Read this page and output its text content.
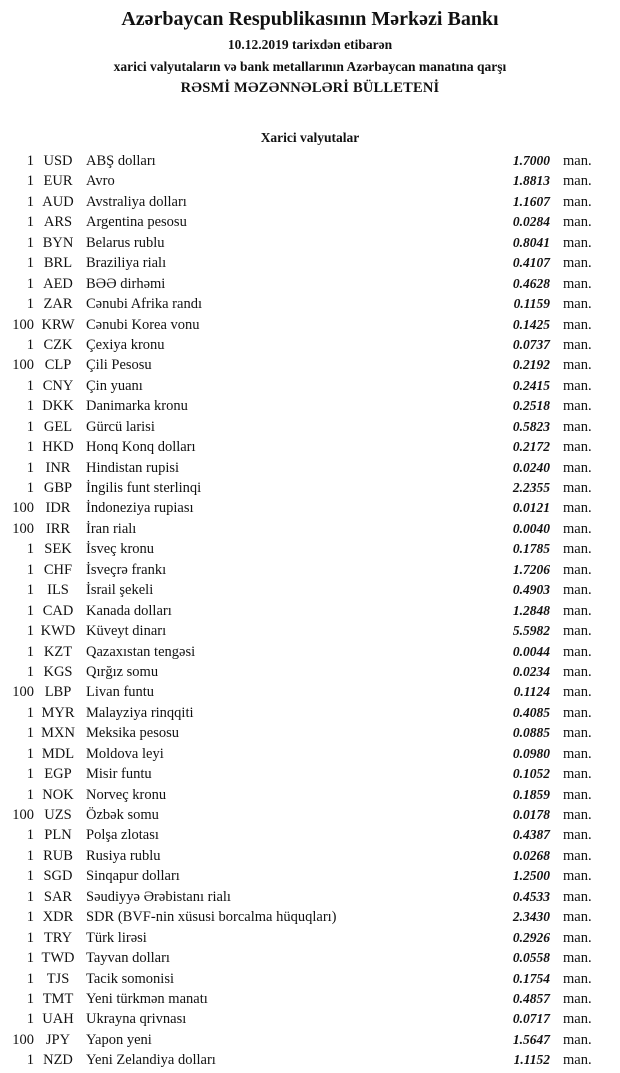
Azərbaycan Respublikasının Mərkəzi Bankı
10.12.2019 tarixdən etibarən
xarici valyutaların və bank metallarının Azərbaycan manatına qarşı
RƏSMİ MƏZƏNNƏLƏRİ BÜLLETENİ
Xarici valyutalar
1 USD ABŞ dolları	1.7000 man.
1 EUR Avro	1.8813 man.
1 AUD Avstraliya dolları	1.1607 man.
1 ARS Argentina pesosu	0.0284 man.
1 BYN Belarus rublu	0.8041 man.
1 BRL Braziliya rialı	0.4107 man.
1 AED BƏƏ dirhəmi	0.4628 man.
1 ZAR Cənubi Afrika randı	0.1159 man.
100 KRW Cənubi Korea vonu	0.1425 man.
1 CZK Çexiya kronu	0.0737 man.
100 CLP	Çili Pesosu	0.2192 man.
1 CNY Çin yuanı	0.2415 man.
1 DKK Danimarka kronu	0.2518 man.
1 GEL Gürcü larisi	0.5823 man.
1 HKD Honq Konq dolları	0.2172 man.
1 INR	Hindistan rupisi	0.0240 man.
1 GBP İngilis funt sterlinqi	2.2355 man.
100 IDR	İndoneziya rupiası	0.0121 man.
100 IRR	İran rialı	0.0040 man.
1 SEK İsveç kronu	0.1785 man.
1 CHF İsveçrə frankı	1.7206 man.
1 ILS	İsrail şekeli	0.4903 man.
1 CAD Kanada dolları	1.2848 man.
1 KWD Küveyt dinarı	5.5982 man.
1 KZT Qazaxıstan tengəsi	0.0044 man.
1 KGS Qırğız somu	0.0234 man.
100 LBP	Livan funtu	0.1124 man.
1 MYR Malayziya rinqqiti	0.4085 man.
1 MXN Meksika pesosu	0.0885 man.
1 MDL Moldova leyi	0.0980 man.
1 EGP Misir funtu	0.1052 man.
1 NOK Norveç kronu	0.1859 man.
100 UZS Özbək somu	0.0178 man.
1 PLN Polşa zlotası	0.4387 man.
1 RUB Rusiya rublu	0.0268 man.
1 SGD Sinqapur dolları	1.2500 man.
1 SAR Səudiyyə Ərəbistanı rialı	0.4533 man.
1 XDR SDR (BVF-nin xüsusi borcalma hüquqları)	2.3430 man.
1 TRY Türk lirəsi	0.2926 man.
1 TWD Tayvan dolları	0.0558 man.
1 TJS	Tacik somonisi	0.1754 man.
1 TMT Yeni türkmən manatı	0.4857 man.
1 UAH Ukrayna qrivnası	0.0717 man.
100 JPY	Yapon yeni	1.5647 man.
1 NZD Yeni Zelandiya dolları	1.1152 man.
